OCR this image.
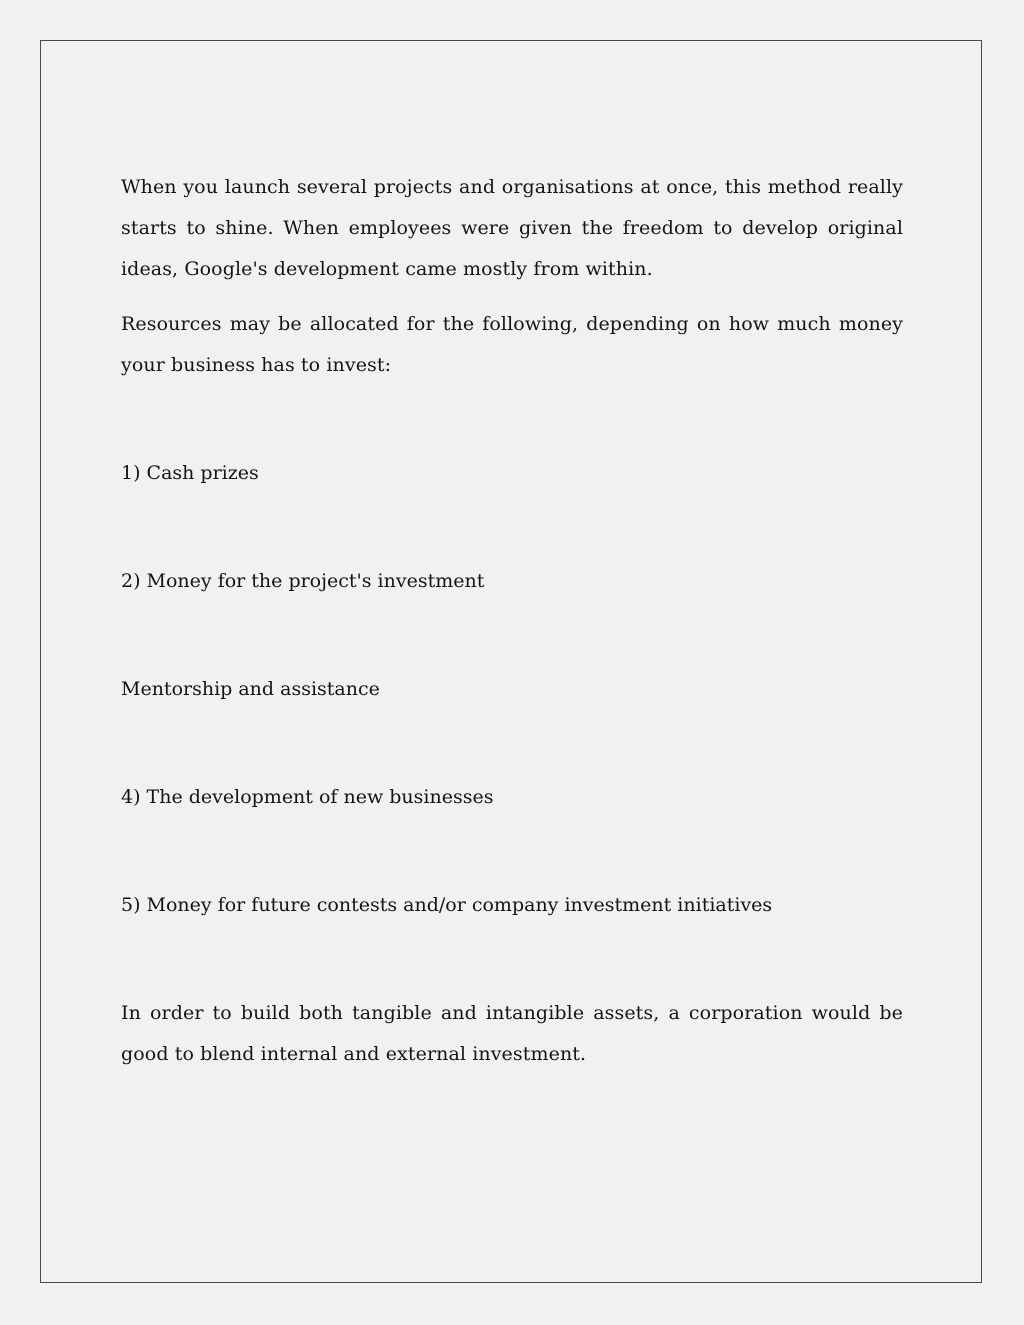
When you launch several projects and organisations at once, this method really starts to shine. When employees were given the freedom to develop original ideas, Google's development came mostly from within.

Resources may be allocated for the following, depending on how much money your business has to invest:

1) Cash prizes

2) Money for the project's investment

Mentorship and assistance

4) The development of new businesses

5) Money for future contests and/or company investment initiatives

In order to build both tangible and intangible assets, a corporation would be good to blend internal and external investment.
